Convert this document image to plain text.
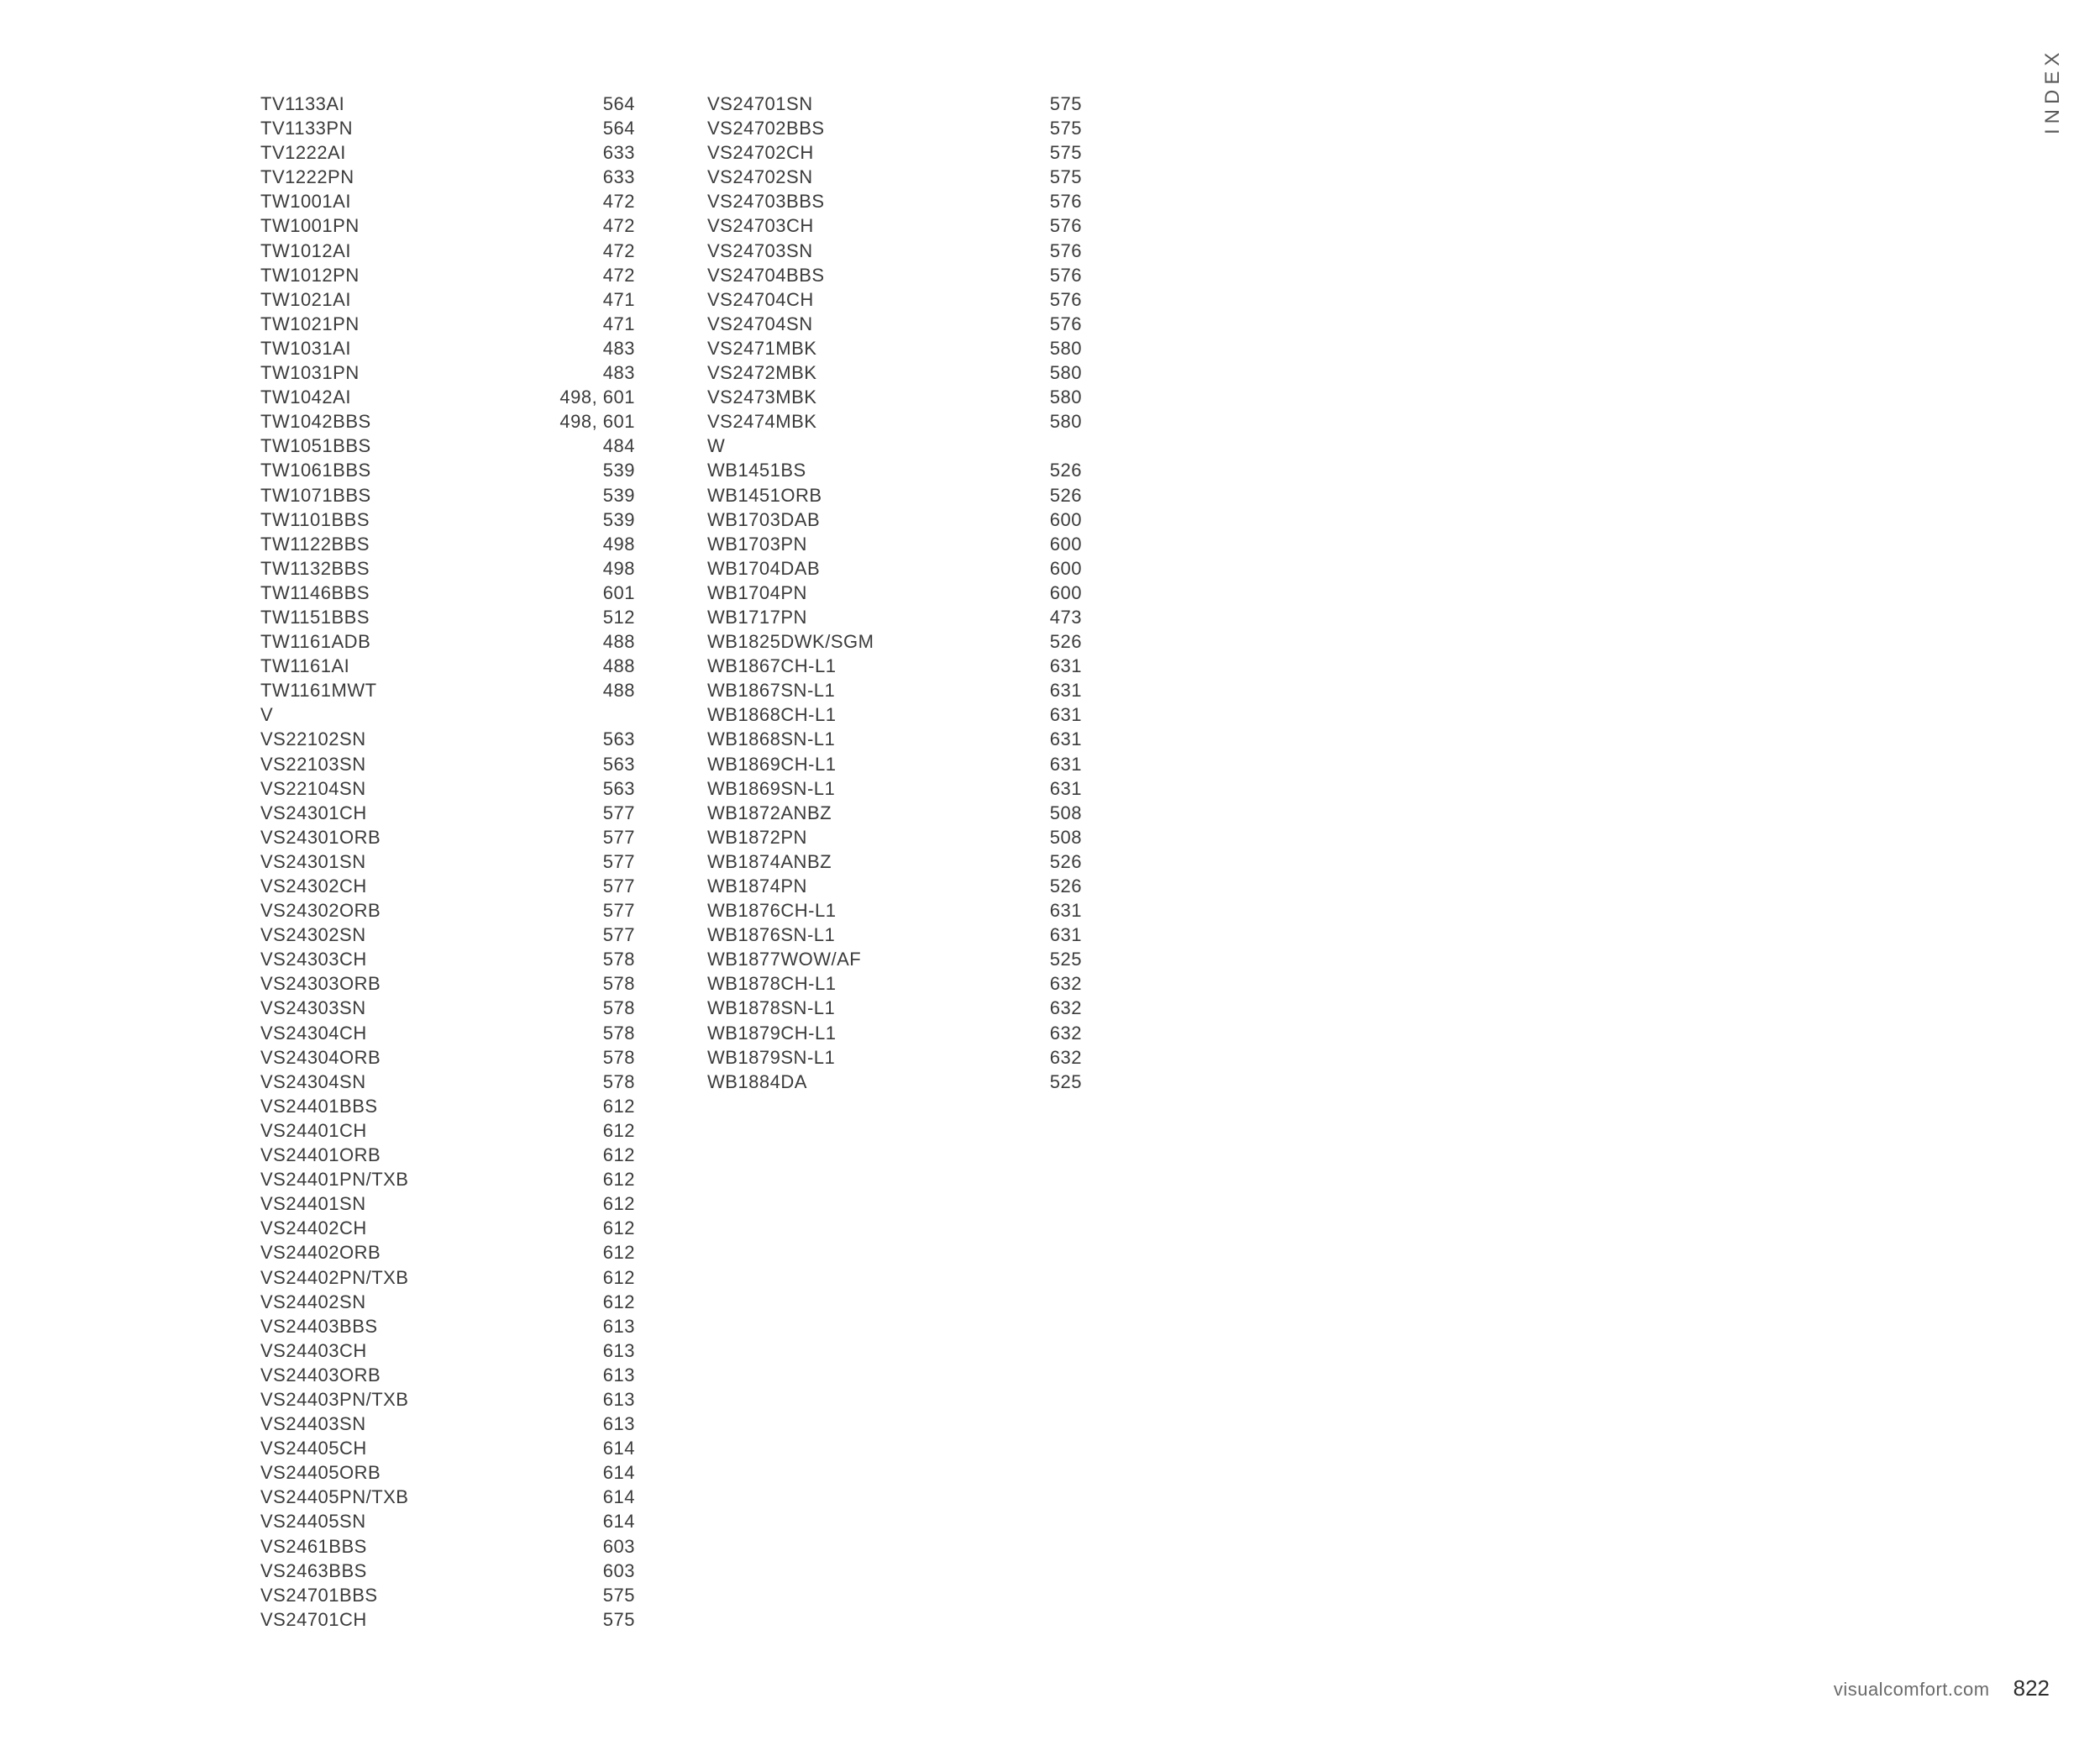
INDEX
TV1133AI	564
TV1133PN	564
TV1222AI	633
TV1222PN	633
TW1001AI	472
TW1001PN	472
TW1012AI	472
TW1012PN	472
TW1021AI	471
TW1021PN	471
TW1031AI	483
TW1031PN	483
TW1042AI	498, 601
TW1042BBS	498, 601
TW1051BBS	484
TW1061BBS	539
TW1071BBS	539
TW1101BBS	539
TW1122BBS	498
TW1132BBS	498
TW1146BBS	601
TW1151BBS	512
TW1161ADB	488
TW1161AI	488
TW1161MWT	488
V
VS22102SN	563
VS22103SN	563
VS22104SN	563
VS24301CH	577
VS24301ORB	577
VS24301SN	577
VS24302CH	577
VS24302ORB	577
VS24302SN	577
VS24303CH	578
VS24303ORB	578
VS24303SN	578
VS24304CH	578
VS24304ORB	578
VS24304SN	578
VS24401BBS	612
VS24401CH	612
VS24401ORB	612
VS24401PN/TXB	612
VS24401SN	612
VS24402CH	612
VS24402ORB	612
VS24402PN/TXB	612
VS24402SN	612
VS24403BBS	613
VS24403CH	613
VS24403ORB	613
VS24403PN/TXB	613
VS24403SN	613
VS24405CH	614
VS24405ORB	614
VS24405PN/TXB	614
VS24405SN	614
VS2461BBS	603
VS2463BBS	603
VS24701BBS	575
VS24701CH	575
VS24701SN	575
VS24702BBS	575
VS24702CH	575
VS24702SN	575
VS24703BBS	576
VS24703CH	576
VS24703SN	576
VS24704BBS	576
VS24704CH	576
VS24704SN	576
VS2471MBK	580
VS2472MBK	580
VS2473MBK	580
VS2474MBK	580
W
WB1451BS	526
WB1451ORB	526
WB1703DAB	600
WB1703PN	600
WB1704DAB	600
WB1704PN	600
WB1717PN	473
WB1825DWK/SGM	526
WB1867CH-L1	631
WB1867SN-L1	631
WB1868CH-L1	631
WB1868SN-L1	631
WB1869CH-L1	631
WB1869SN-L1	631
WB1872ANBZ	508
WB1872PN	508
WB1874ANBZ	526
WB1874PN	526
WB1876CH-L1	631
WB1876SN-L1	631
WB1877WOW/AF	525
WB1878CH-L1	632
WB1878SN-L1	632
WB1879CH-L1	632
WB1879SN-L1	632
WB1884DA	525
visualcomfort.com 822
